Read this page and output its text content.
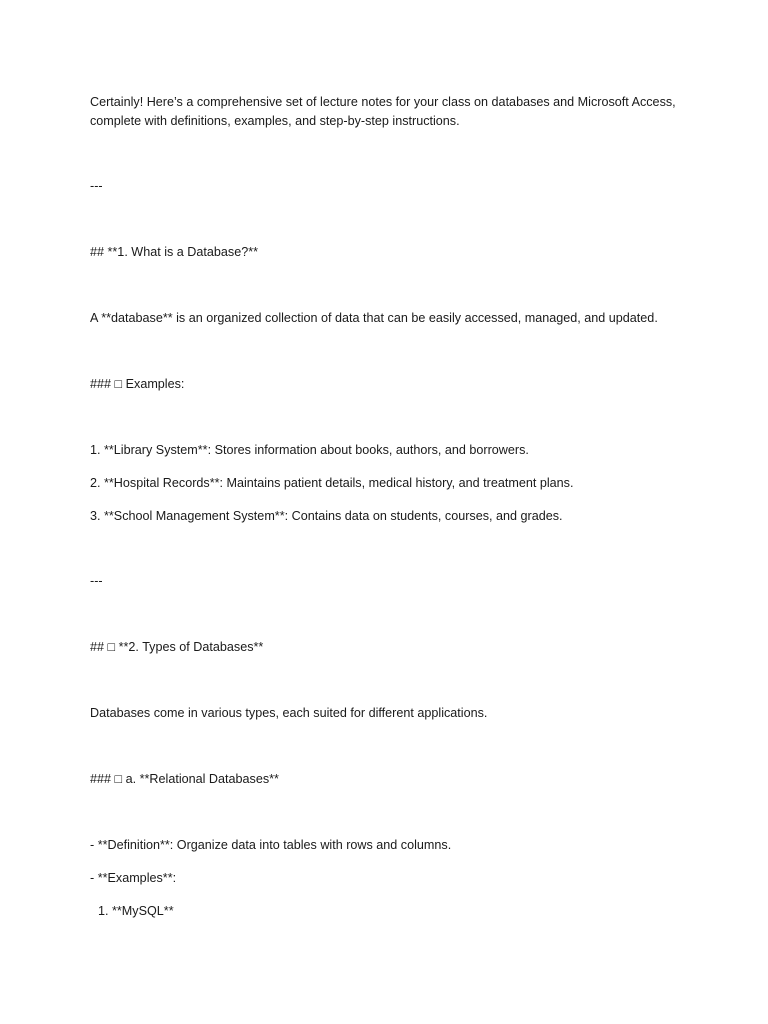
Certainly! Here’s a comprehensive set of lecture notes for your class on databases and Microsoft Access,
complete with definitions, examples, and step-by-step instructions.
---
## **1. What is a Database?**
A **database** is an organized collection of data that can be easily accessed, managed, and updated.
### □ Examples:
1. **Library System**: Stores information about books, authors, and borrowers.
2. **Hospital Records**: Maintains patient details, medical history, and treatment plans.
3. **School Management System**: Contains data on students, courses, and grades.
---
## □ **2. Types of Databases**
Databases come in various types, each suited for different applications.
### □ a. **Relational Databases**
- **Definition**: Organize data into tables with rows and columns.
- **Examples**:
1. **MySQL**
